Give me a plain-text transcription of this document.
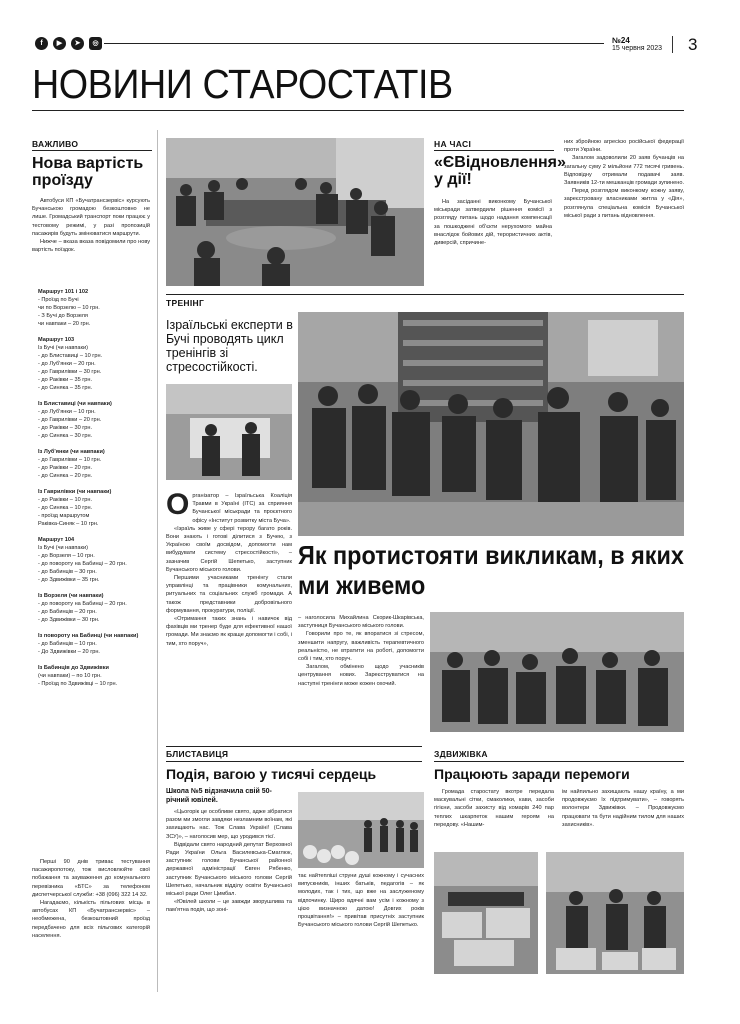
f	▶	➤	◎	№24
15 червня 2023 3
НОВИНИ СТАРОСТАТІВ
ВАЖЛИВО
Нова вартість проїзду

Автобуси КП «Бучатрансзервіс» курсують Бучанською громадою безкоштовно не лише. Громадський транспорт поки працює у тестовому режимі, у разі пропозицій пасажирів будуть змінюватися маршрути.

Нижче – вказа вказа повідомили про нову вартість поїздок.

Маршрут 101 і 102
- Проїзд по Бучі
чи по Ворзелю – 10 грн.
- З Бучі до Ворзеля
чи навпаки – 20 грн.
Маршрут 103
Із Бучі (чи навпаки)
- до Блиставиці – 10 грн.
- до Луб'янки – 20 грн.
- до Гаврилівки – 30 грн.
- до Раківки – 35 грн.
- до Синяка – 35 грн.
Із Блиставиці (чи навпаки)
- до Луб'янки – 10 грн.
- до Гаврилівки – 20 грн.
- до Раківки – 30 грн.
- до Синяка – 30 грн.
Із Луб'янки (чи навпаки)
- до Гаврилівки – 10 грн.
- до Раківки – 20 грн.
- до Синяка – 20 грн.
Із Гаврилівки (чи навпаки)
- до Раківки – 10 грн.
- до Синяка – 10 грн.
- проїзд маршрутом
Раківка-Синяк – 10 грн.
Маршрут 104
Із Бучі (чи навпаки)
- до Ворзеля – 10 грн.
- до повороту на Бабинці – 20 грн.
- до Бабинців – 30 грн.
- до Здвижівки – 35 грн.
Із Ворзеля (чи навпаки)
- до повороту на Бабинці – 20 грн.
- до Бабинців – 20 грн.
- до Здвижівки – 30 грн.
Із повороту на Бабинці (чи навпаки)
- до Бабинців – 10 грн.
- До Здвижівки – 20 грн.
Із Бабинців до Здвижівки
(чи навпаки) – по 10 грн.
- Проїзд по Здвижівці – 10 грн.

Перші 90 днів триває тестування пасажиропотоку, тож висловлюйте свої побажання та зауваження до комунального перевізника «БТС» за телефоном диспетчерської служби: +38 (096) 322 14 32.

Нагадаємо, кількість пільгових місць в автобусах КП «Бучатрансзервіс» – необмежена, безкоштовний проїзд передбачено для всіх пільгових категорій населення.

НА ЧАСІ
«ЄВідновлення» у дії!

На засіданні виконкому Бучанської міськради затвердили рішення комісії з розгляду питань щодо надання компенсації за пошкоджені об'єкти нерухомого майна внаслідок бойових дій, терористичних актів, диверсій, спричине-

них збройною агресією російської федерації проти України.

Загалом задоволили 20 заяв бучанців на загальну суму 2 мільйони 772 тисячі гривень. Відповідну отримали подавачі заяв. Заявників 12-ти мешканців громади зупинено.

Перед розглядом виконкому кожну заяву, зареєстровану власниками житла у «Дія», розглянула спеціальна комісія Бучанської міської ради з питань відновлення.

ТРЕНІНГ
Ізраїльські експерти в Бучі проводять цикл тренінгів зі стресостійкості.
Як протистояти викликам, в яких ми живемо
О рганізатор – Ізраїльська Коаліція Травми в Україні (ІТС) за сприяння Бучанської міськради та проєктного офісу «Інститут розвитку міста Буча».

«Ізраїль живе у сфері терору багато років. Вони знають і готові ділитися з Бучею, з Україною своїм досвідом, допомогти нам вибудувати систему стресостійкості», – зазначив Сергій Шепетько, заступник Бучанського міського голови.

Першими учасниками тренінгу стали управлінці та працівники комунальних, ритуальних та соціальних служб громади. А також представники добровільного формування, прокуратури, поліції.

«Отримання таких знань і навичок від фахівців ми тренер буде для ефективної нашої громади. Ми знаємо як краще допомогти і собі, і тим, хто поруч»,

– наголосила Михайлина Скорик-Шкарівська, заступниця Бучанського міського голови.

Говорили про те, як впоратися зі стресом, зменшити напругу, важливість терапевтичного реальністю, не втратити на роботі, допомогти собі і тим, хто поруч.

Загалом, обмінено щодо учасників центрування нових. Зареєструватися на наступні тренінги може кожен охочий.

БЛИСТАВИЦЯ
Подія, вагою у тисячі сердець
Школа №5 відзначила свій 50-річний ювілей.

«Цьогорік це особливе свято, адже зібратися разом ми змогли завдяки незламним воїнам, які захищають нас. Тож Слава Україні! (Слава ЗСУ)», – наголосив мер, що уродився тієї.

Відвідали свято народний депутат Верховної Ради України Ольга Василевська-Смаглюк, заступник голови Бучанської районної державної адміністрації Євген Рябенко, заступник Бучанського міського голови Сергій Шепетько, начальник відділу освіти Бучанської міської ради Олег Цимбал.

«Ювілей школи – це завжди зворушлива та пам'ятна подія, що зоні-

тає найтепліші струни душі кожному і сучасних випускників, інших батьків, педагогів – як молодих, так і тих, що вже на заслуженому відпочинку. Щиро вдячні вам усім і кожному з цією визначною датою! Довгих років процвітання!» – привітав присутніх заступник Бучанського міського голови Сергій Шепетько.

ЗДВИЖІВКА
Працюють заради перемоги

Громада старостату вкотре передала маскувальні сітки, смаколики, кави, засоби гігієни, засоби захисту від комарів 240 пар теплих шкарпеток нашим героям на передову. «Нашим-

ім найпильно захищають нашу країну, а ми продовжуємо їх підтримувати», – говорять волонтери Здвижівки. – Продовжуємо працювати та бути надійним тилом для наших захисників».
